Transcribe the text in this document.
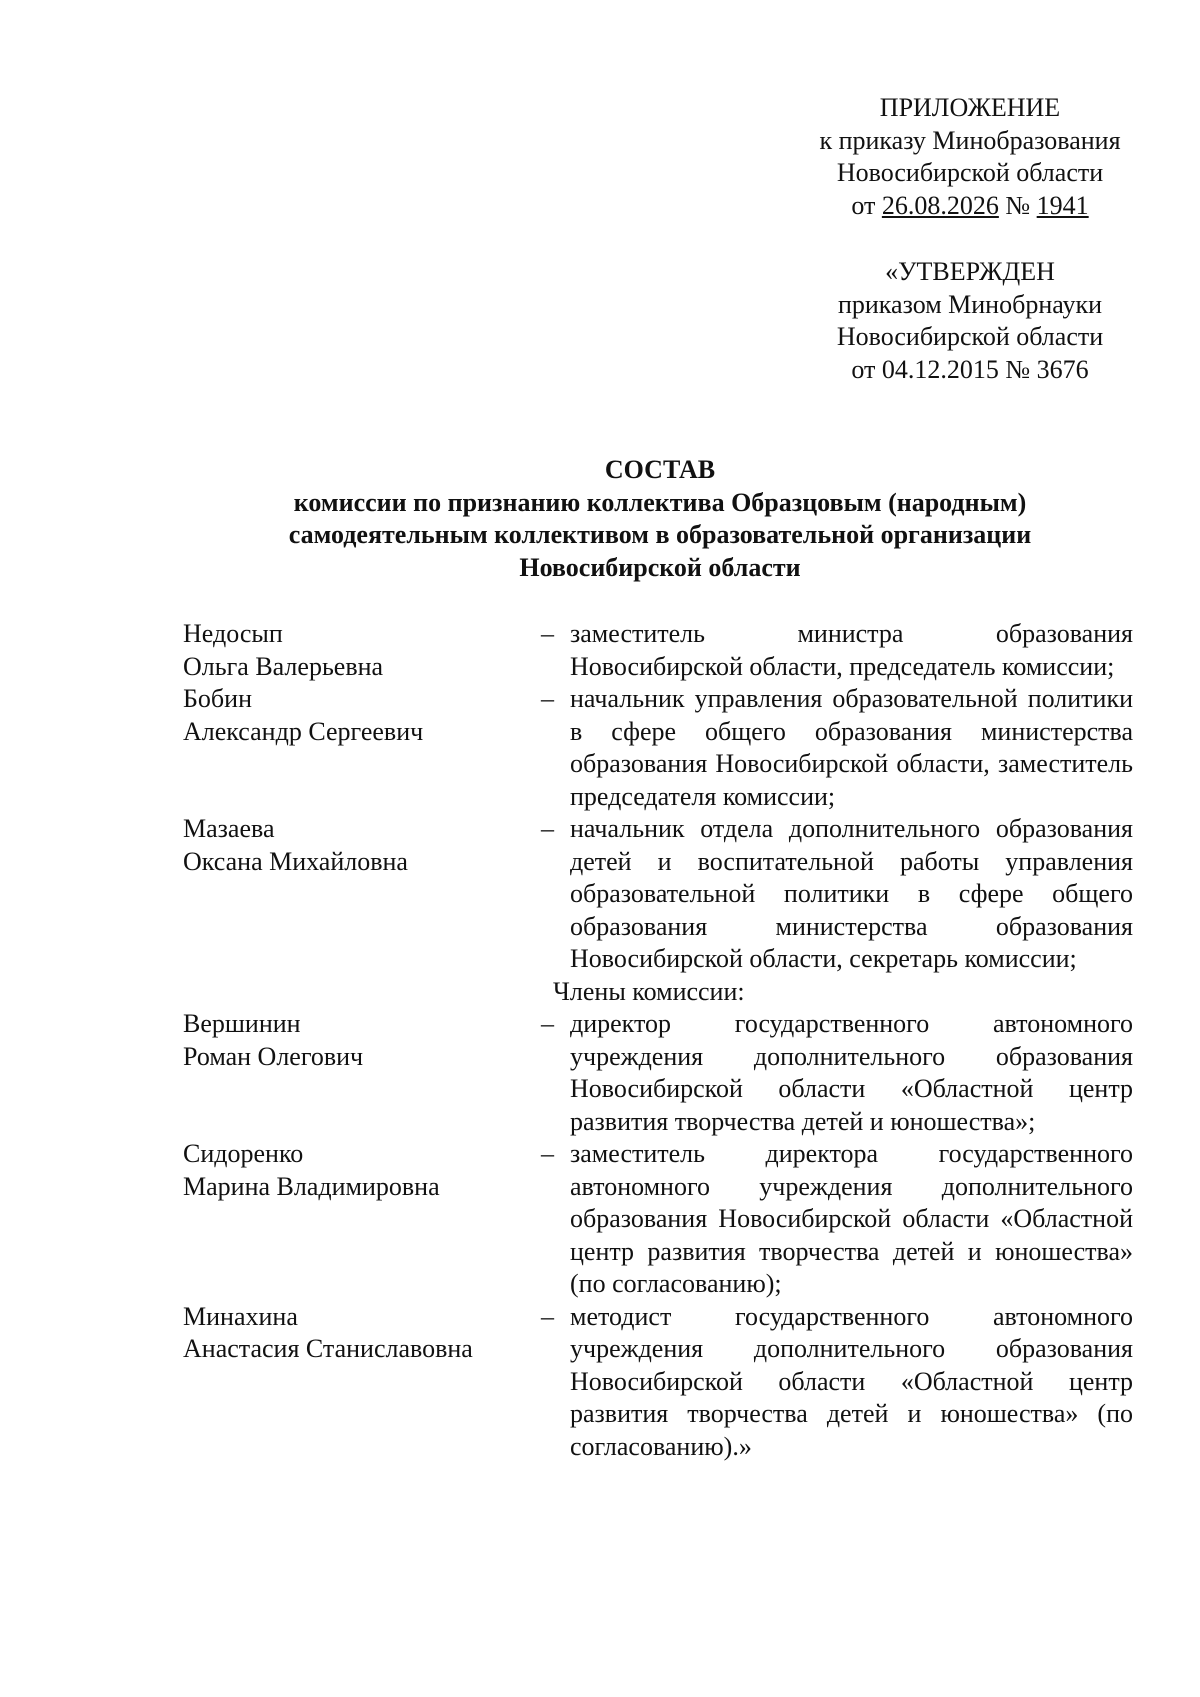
ПРИЛОЖЕНИЕ
к приказу Минобразования
Новосибирской области
от 26.08.2026 № 1941
«УТВЕРЖДЕН
приказом Минобрнауки
Новосибирской области
от 04.12.2015 № 3676
СОСТАВ
комиссии по признанию коллектива Образцовым (народным)
самодеятельным коллективом в образовательной организации
Новосибирской области
Недосып
Ольга Валерьевна
– заместитель министра образования Новосибирской области, председатель комиссии;
Бобин
Александр Сергеевич
– начальник управления образовательной политики в сфере общего образования министерства образования Новосибирской области, заместитель председателя комиссии;
Мазаева
Оксана Михайловна
– начальник отдела дополнительного образования детей и воспитательной работы управления образовательной политики в сфере общего образования министерства образования Новосибирской области, секретарь комиссии;
Члены комиссии:
Вершинин
Роман Олегович
– директор государственного автономного учреждения дополнительного образования Новосибирской области «Областной центр развития творчества детей и юношества»;
Сидоренко
Марина Владимировна
– заместитель директора государственного автономного учреждения дополнительного образования Новосибирской области «Областной центр развития творчества детей и юношества» (по согласованию);
Минахина
Анастасия Станиславовна
– методист государственного автономного учреждения дополнительного образования Новосибирской области «Областной центр развития творчества детей и юношества» (по согласованию).»
